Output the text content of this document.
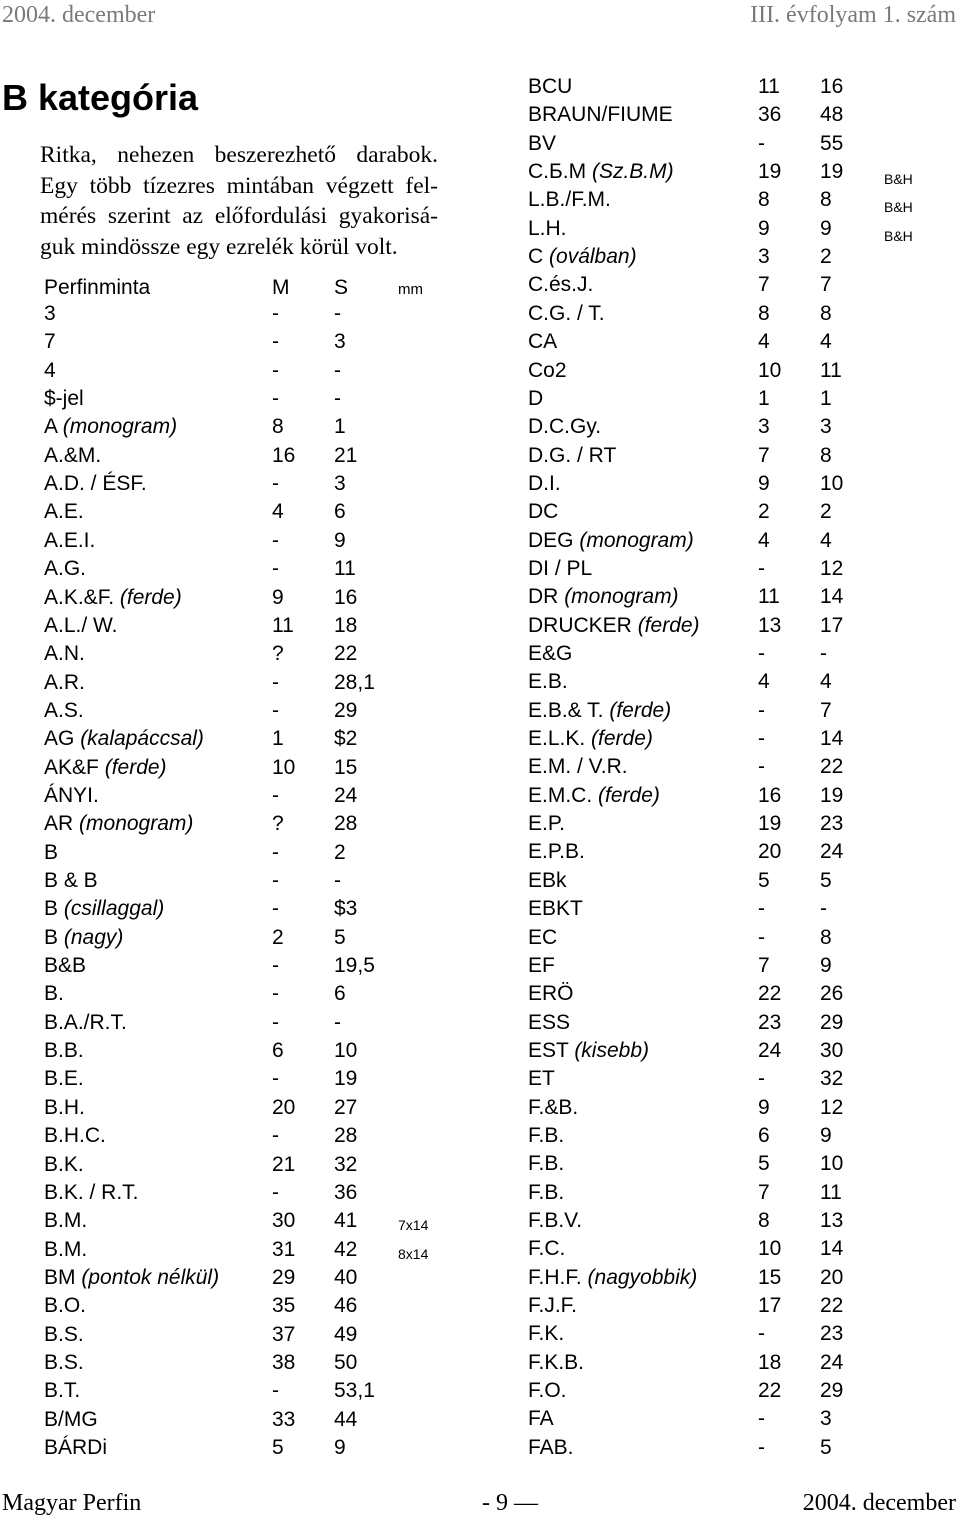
2004. december	III. évfolyam 1. szám
B kategória
Ritka, nehezen beszerezhető darabok.
Egy több tízezres mintában végzett fel-
mérés szerint az előfordulási gyakorisá-
guk mindössze egy ezrelék körül volt.
Perfinminta	M S	mm
3	-	-
7	-	3
4	-	-
$-jel	-	-
A (monogram)	8 1
A.&M.	16 21
A.D. / ÉSF.	-	3
A.E.	4 6
A.E.I.	-	9
A.G.	-	11
A.K.&F. (ferde)	9 16
A.L./ W.	11 18
A.N.	? 22
A.R.	-	28,1
A.S.	-	29
AG (kalapáccsal)	1 $2
AK&F (ferde)	10 15
ÁNYI.	-	24
AR (monogram)	? 28
B	-	2
B & B	-	-
B (csillaggal)	-	$3
B (nagy)	2 5
B&B	-	19,5
B.	-	6
B.A./R.T.	-	-
B.B.	6 10
B.E.	-	19
B.H.	20 27
B.H.C.	-	28
B.K.	21 32
B.K. / R.T.	-	36
B.M.	30 41	7x14
B.M.	31 42	8x14
BM (pontok nélkül)	29 40
B.O.	35 46
B.S.	37 49
B.S.	38 50
B.T.	-	53,1
B/MG	33 44
BÁRDi	5 9
BCU	11 16
BRAUN/FIUME	36 48
BV	-	55
C.Б.M (Sz.B.M)	19 19	B&H
L.B./F.M.	8 8	B&H
L.H.	9 9	B&H
C (oválban)	3 2
C.és.J.	7 7
C.G. / T.	8 8
CA	4 4
Co2	10 11
D	1 1
D.C.Gy.	3 3
D.G. / RT	7 8
D.I.	9 10
DC	2 2
DEG (monogram)	4 4
DI / PL	-	12
DR (monogram)	11 14
DRUCKER (ferde)	13 17
E&G	-	-
E.B.	4 4
E.B.& T. (ferde)	-	7
E.L.K. (ferde)	-	14
E.M. / V.R.	-	22
E.M.C. (ferde)	16 19
E.P.	19 23
E.P.B.	20 24
EBk	5 5
EBKT	-	-
EC	-	8
EF	7 9
ERÖ	22 26
ESS	23 29
EST (kisebb)	24 30
ET	-	32
F.&B.	9 12
F.B.	6 9
F.B.	5 10
F.B.	7 11
F.B.V.	8 13
F.C.	10 14
F.H.F. (nagyobbik)	15 20
F.J.F.	17 22
F.K.	-	23
F.K.B.	18 24
F.O.	22 29
FA	-	3
FAB.	-	5
Magyar Perfin	- 9 —	2004. december
